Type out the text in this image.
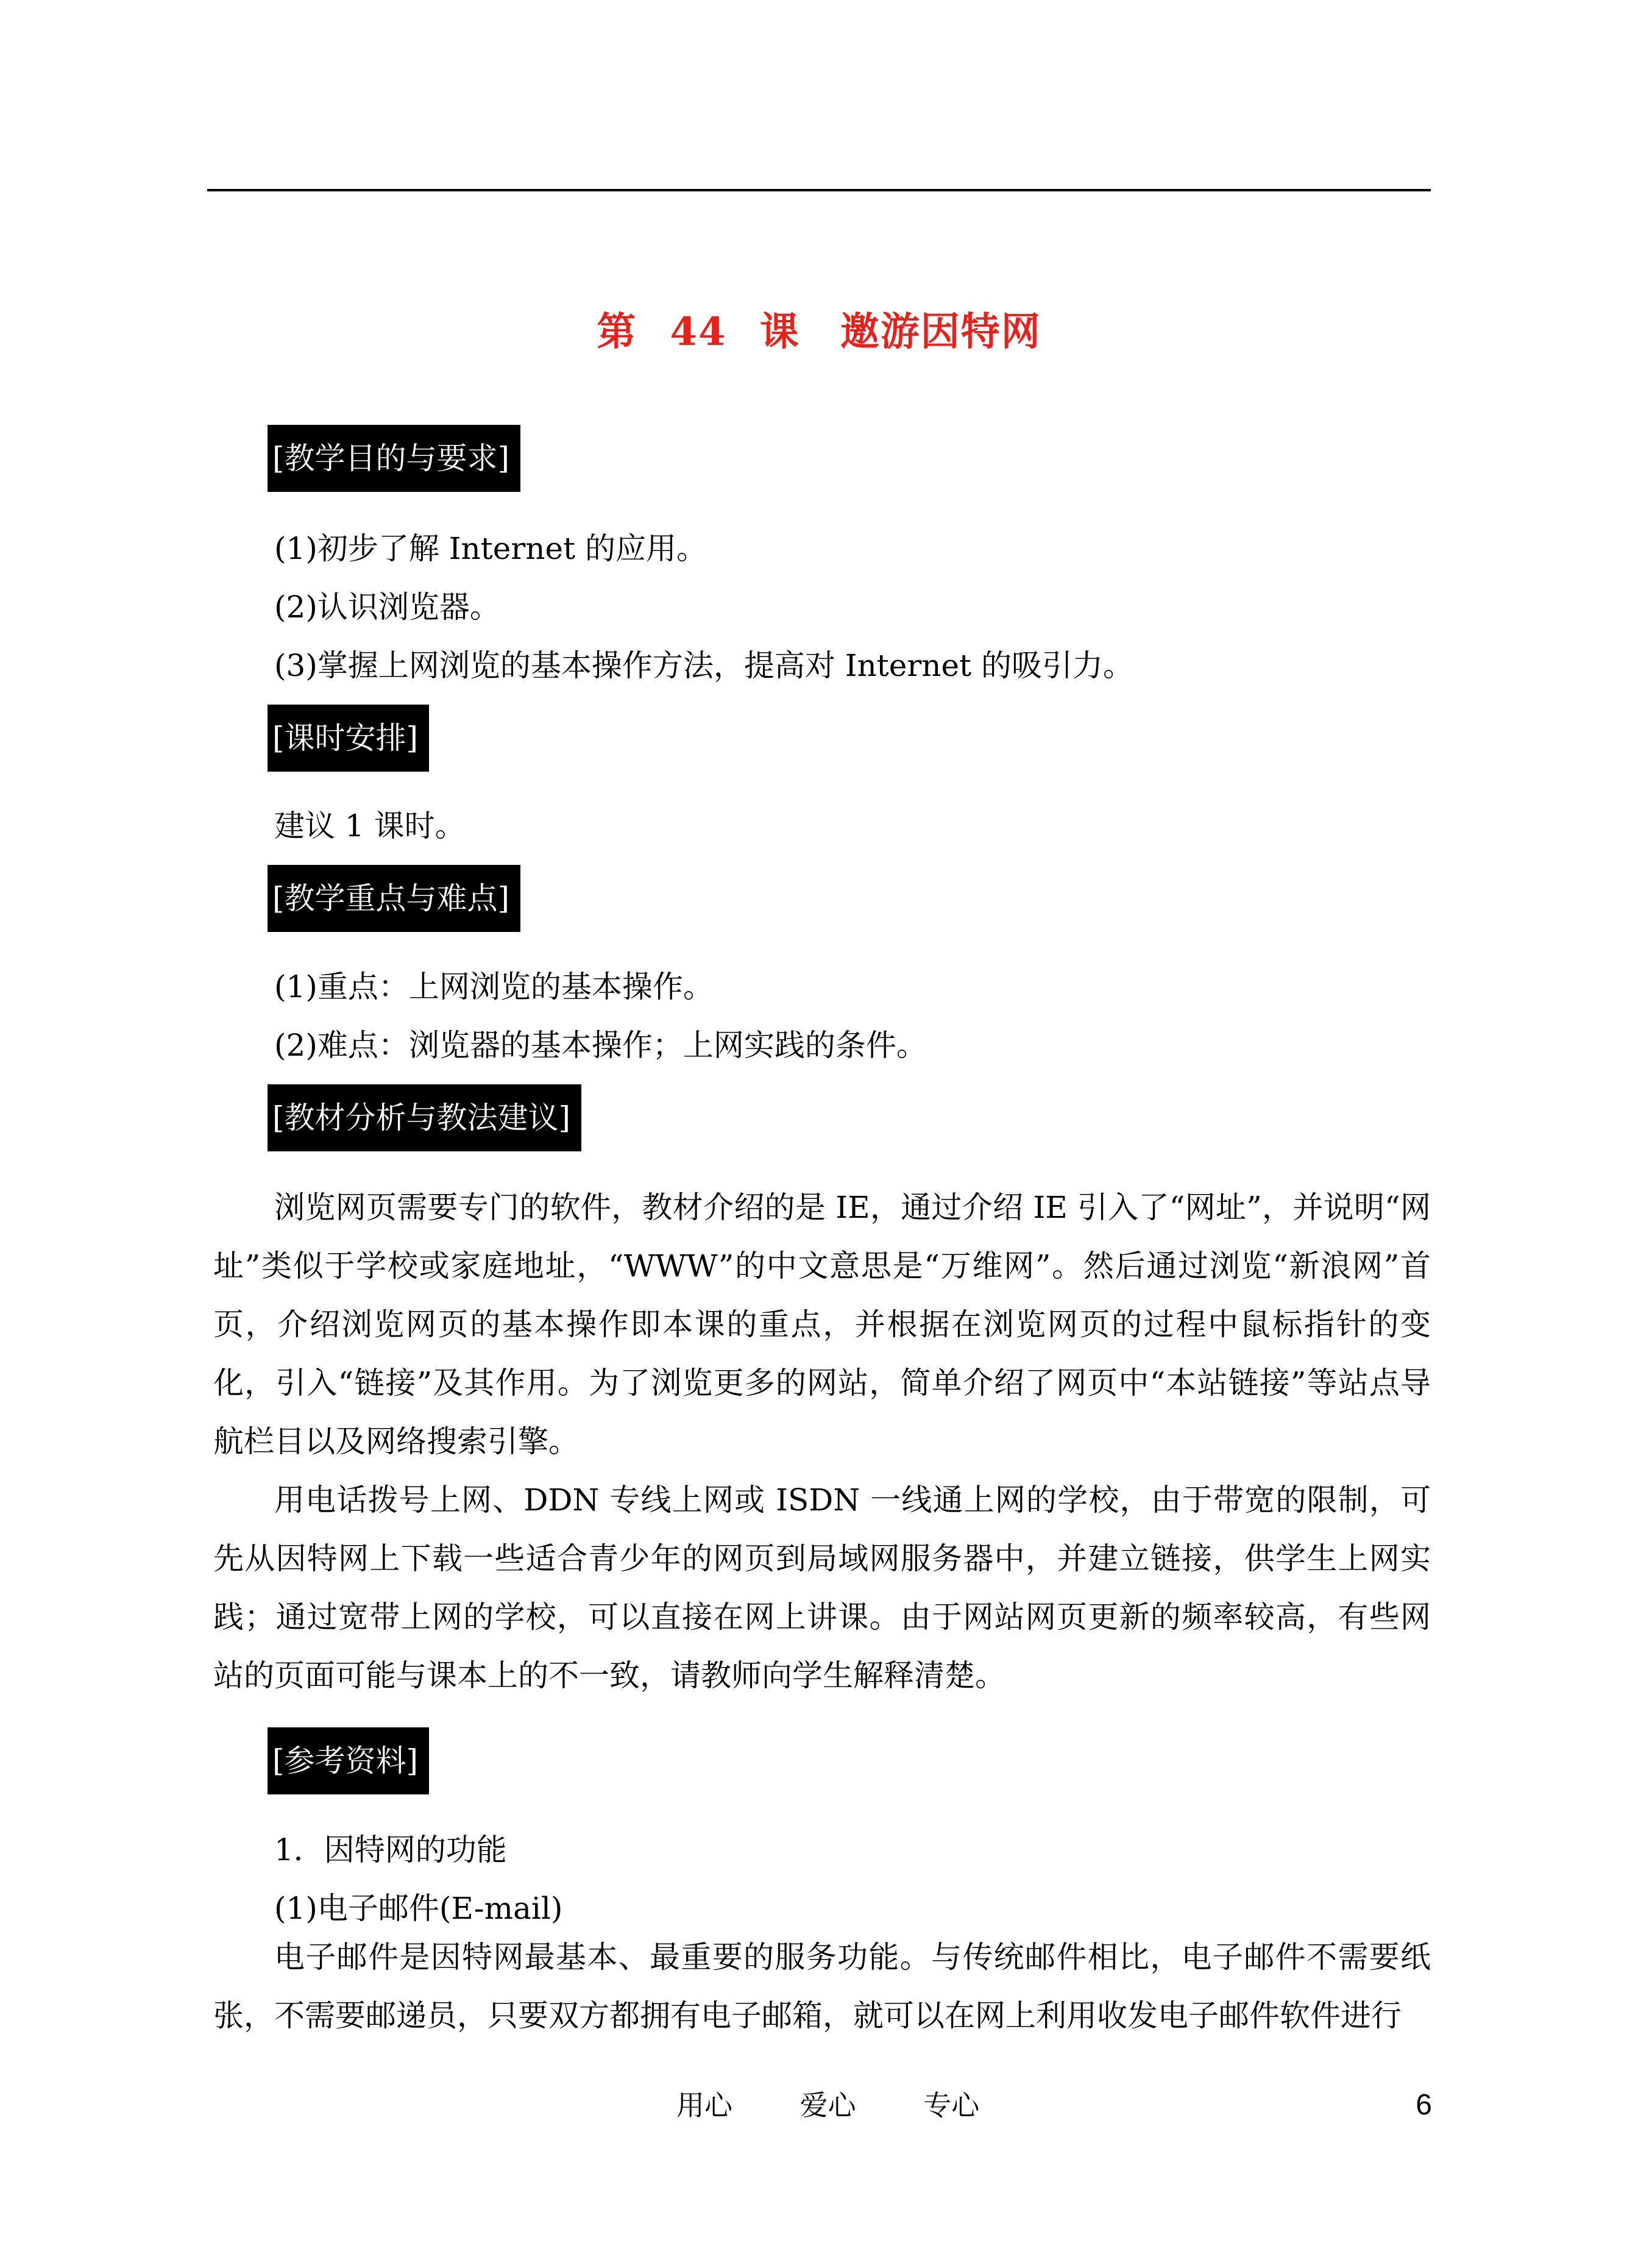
第 44 课　邀游因特网
[教学目的与要求]
(1)初步了解 Internet 的应用。
(2)认识浏览器。
(3)掌握上网浏览的基本操作方法，提高对 Internet 的吸引力。
[课时安排]
建议 1 课时。
[教学重点与难点]
(1)重点：上网浏览的基本操作。
(2)难点：浏览器的基本操作；上网实践的条件。
[教材分析与教法建议]

浏览网页需要专门的软件，教材介绍的是 IE，通过介绍 IE 引入了“网址”，并说明“网址”类似于学校或家庭地址，“WWW”的中文意思是“万维网”。然后通过浏览“新浪网”首页，介绍浏览网页的基本操作即本课的重点，并根据在浏览网页的过程中鼠标指针的变化，引入“链接”及其作用。为了浏览更多的网站，简单介绍了网页中“本站链接”等站点导航栏目以及网络搜索引擎。

用电话拨号上网、DDN 专线上网或 ISDN 一线通上网的学校，由于带宽的限制，可先从因特网上下载一些适合青少年的网页到局域网服务器中，并建立链接，供学生上网实践；通过宽带上网的学校，可以直接在网上讲课。由于网站网页更新的频率较高，有些网站的页面可能与课本上的不一致，请教师向学生解释清楚。

[参考资料]
1．因特网的功能
(1)电子邮件(E-mail)

电子邮件是因特网最基本、最重要的服务功能。与传统邮件相比，电子邮件不需要纸张，不需要邮递员，只要双方都拥有电子邮箱，就可以在网上利用收发电子邮件软件进行

用心 爱心 专心	6
